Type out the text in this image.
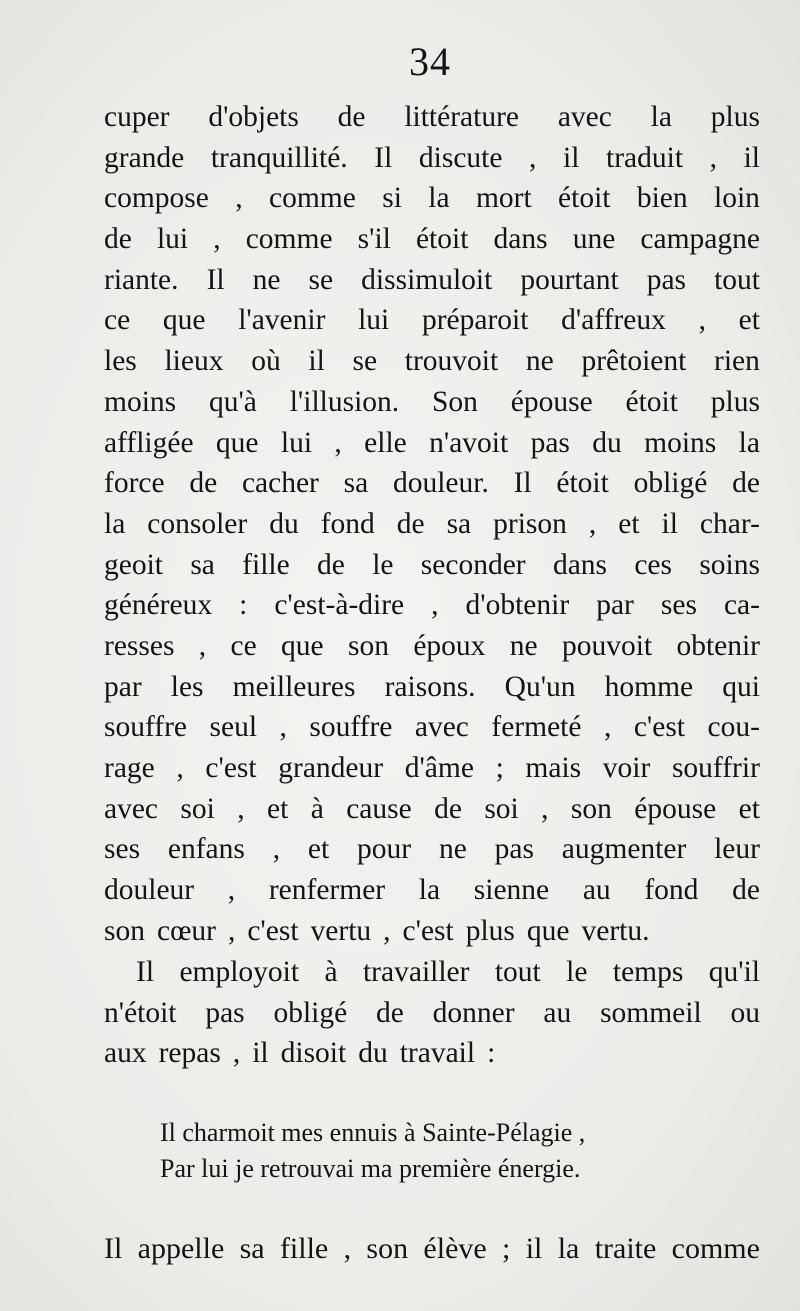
34
cuper d'objets de littérature avec la plus
grande tranquillité. Il discute , il traduit , il
compose , comme si la mort étoit bien loin
de lui , comme s'il étoit dans une campagne
riante. Il ne se dissimuloit pourtant pas tout
ce que l'avenir lui préparoit d'affreux , et
les lieux où il se trouvoit ne prêtoient rien
moins qu'à l'illusion. Son épouse étoit plus
affligée que lui , elle n'avoit pas du moins la
force de cacher sa douleur. Il étoit obligé de
la consoler du fond de sa prison , et il char-
geoit sa fille de le seconder dans ces soins
généreux : c'est-à-dire , d'obtenir par ses ca-
resses , ce que son époux ne pouvoit obtenir
par les meilleures raisons. Qu'un homme qui
souffre seul , souffre avec fermeté , c'est cou-
rage , c'est grandeur d'âme ; mais voir souffrir
avec soi , et à cause de soi , son épouse et
ses enfans , et pour ne pas augmenter leur
douleur , renfermer la sienne au fond de
son cœur , c'est vertu , c'est plus que vertu.
Il employoit à travailler tout le temps qu'il
n'étoit pas obligé de donner au sommeil ou
aux repas , il disoit du travail :
Il charmoit mes ennuis à Sainte-Pélagie ,
Par lui je retrouvai ma première énergie.
Il appelle sa fille , son élève ; il la traite comme
